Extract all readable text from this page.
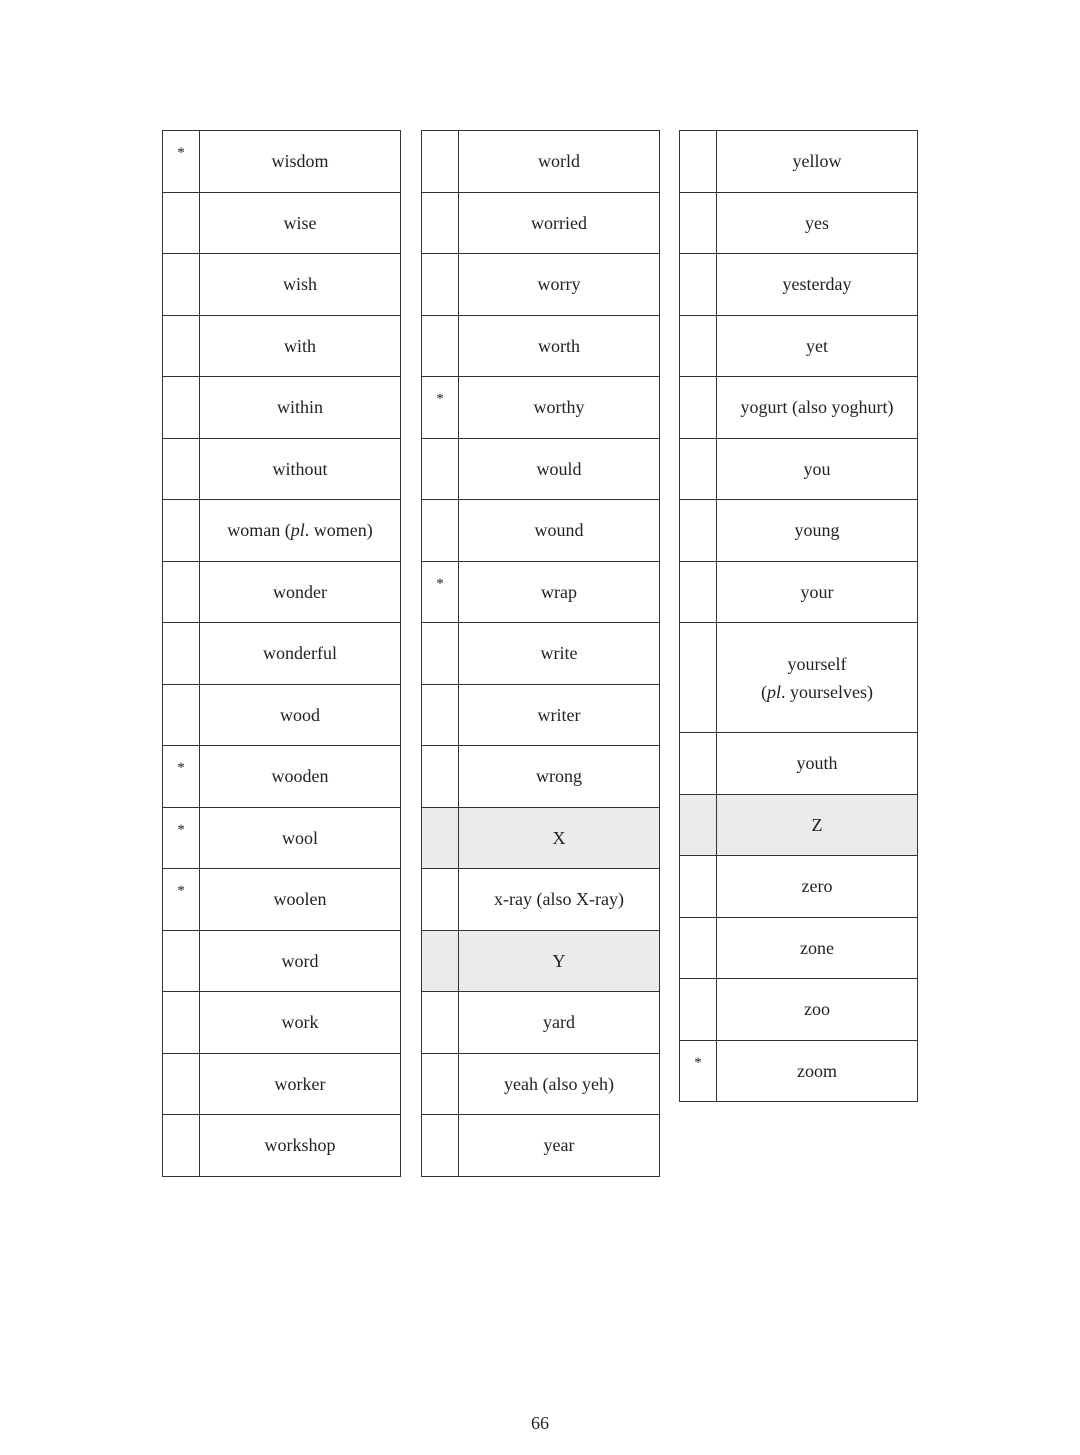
*	wisdom
	wise
	wish
	with
	within
	without
	woman (pl. women)
	wonder
	wonderful
	wood
*	wooden
*	wool
*	woolen
	word
	work
	worker
	workshop
	world
	worried
	worry
	worth
*	worthy
	would
	wound
*	wrap
	write
	writer
	wrong
	X
	x-ray (also X-ray)
	Y
	yard
	yeah (also yeh)
	year
	yellow
	yes
	yesterday
	yet
	yogurt (also yoghurt)
	you
	young
	your
	yourself
(pl. yourselves)
	youth
	Z
	zero
	zone
	zoo
*	zoom
66
